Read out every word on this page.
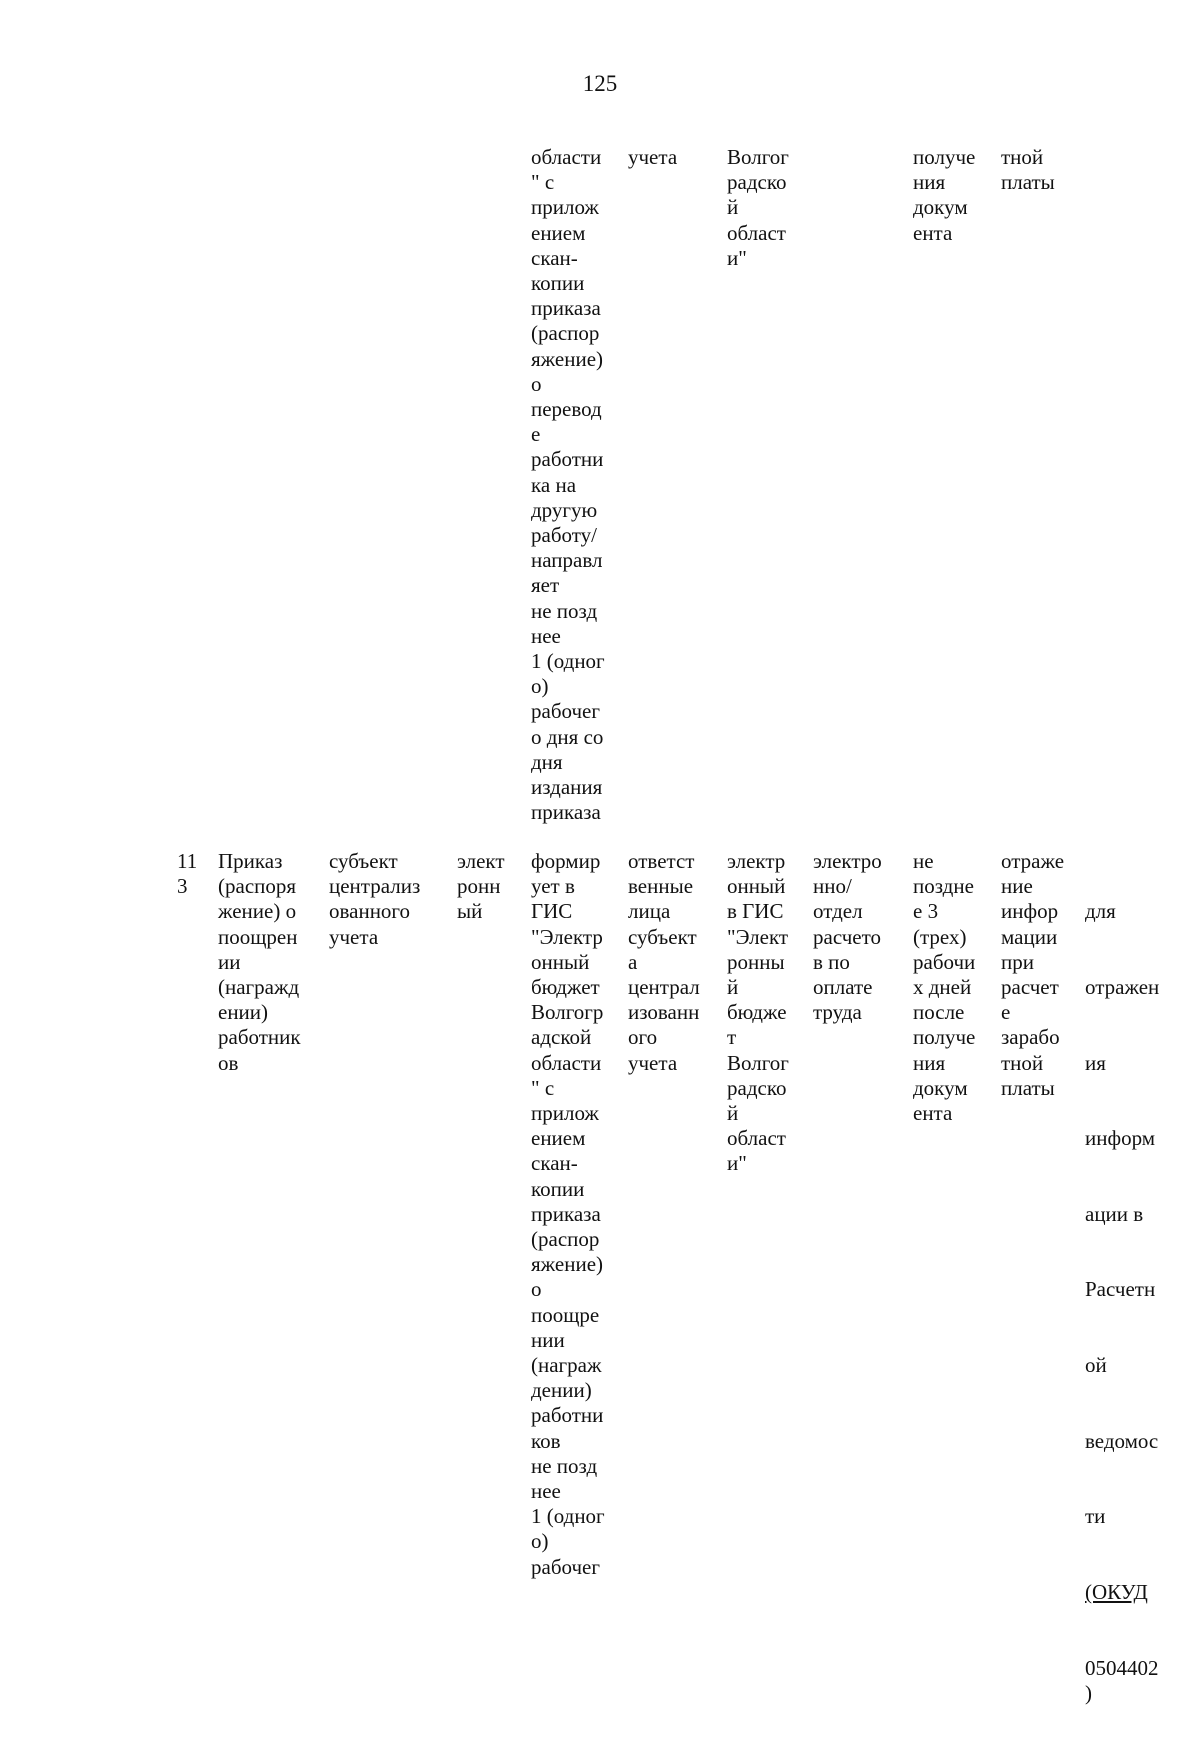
125
области
" с
прилож
ением
скан-
копии
приказа
(распор
яжение)
о
перевод
е
работни
ка на
другую
работу/
направл
яет
не позд
нее
1 (одног
о)
рабочег
о дня со
дня
издания
приказа
учета Волгог
радско
й
област
и"
получе
ния
докум
ента
тной
платы
11
3
Приказ
(распоря
жение) о
поощрен
ии
(награжд
ении)
работник
ов
субъект
централиз
ованного
учета
элект
ронн
ый
формир
ует в
ГИС
"Электр
онный
бюджет
Волгогр
адской
области
" с
прилож
ением
скан-
копии
приказа
(распор
яжение)
о
поощре
нии
(награж
дении)
работни
ков
не позд
нее
1 (одног
о)
рабочег
ответст
венные
лица
субъект
а
централ
изованн
ого
учета
электр
онный
в ГИС
"Элект
ронны
й
бюдже
т
Волгог
радско
й
област
и"
электро
нно/
отдел
расчето
в по
оплате
труда
не
поздне
е 3
(трех)
рабочи
х дней
после
получе
ния
докум
ента
отраже
ние
инфор
мации
при
расчет
е
зарабо
тной
платы

для

отражен

ия

информ

ации в

Расчетн

ой

ведомос

ти

(ОКУД

0504402
)
